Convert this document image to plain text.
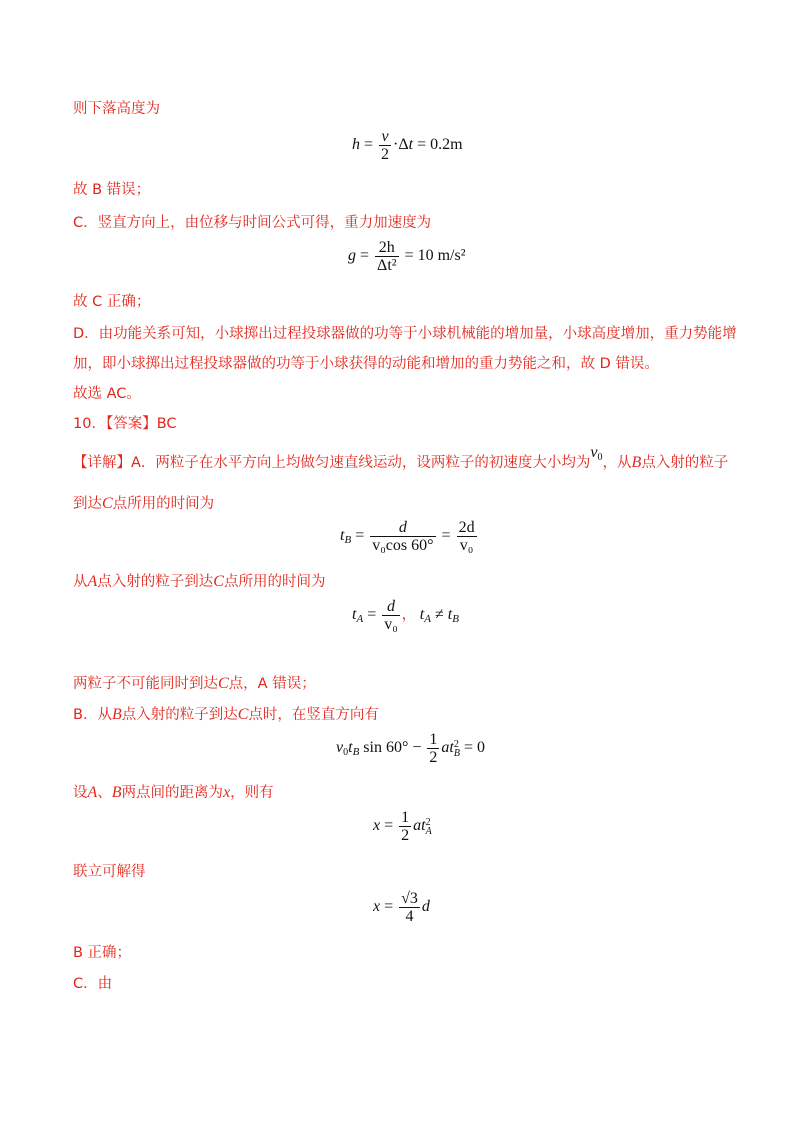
则下落高度为
$h = \frac{v}{2} \cdot\Delta t = 0.2m$
故 B 错误；
C．竖直方向上，由位移与时间公式可得，重力加速度为
$g = \frac{2h}{\text{Δt²}} = 10$ m/s²
故 C 正确；
D．由功能关系可知，小球掷出过程投球器做的功等于小球机械能的增加量，小球高度增加，重力势能增
加，即小球掷出过程投球器做的功等于小球获得的动能和增加的重力势能之和，故 D 错误。
故选 AC。
10．【答案】BC
【详解】A．两粒子在水平方向上均做匀速直线运动，设两粒子的初速度大小均为$v_0$，从B点入射的粒子
到达C点所用的时间为
tB = $\frac{d}{\text{v₀cos 60°}} = \frac{2d}{\text{v₀}}$
从A点入射的粒子到达C点所用的时间为
tA = $\frac{d}{\text{v₀}}$ ， tA ≠ tB
两粒子不可能同时到达C点，A 错误；
B．从B点入射的粒子到达C点时，在竖直方向有
$v_0tB$ $\sin 60^\circ - \frac{1}{2}$ at 2
B = 0
设A、B两点间的距离为x，则有
$x = \frac{1}{2}$ at 2
A
联立可解得
$x = \frac{√3}{4}$ d
B 正确；
C．由
